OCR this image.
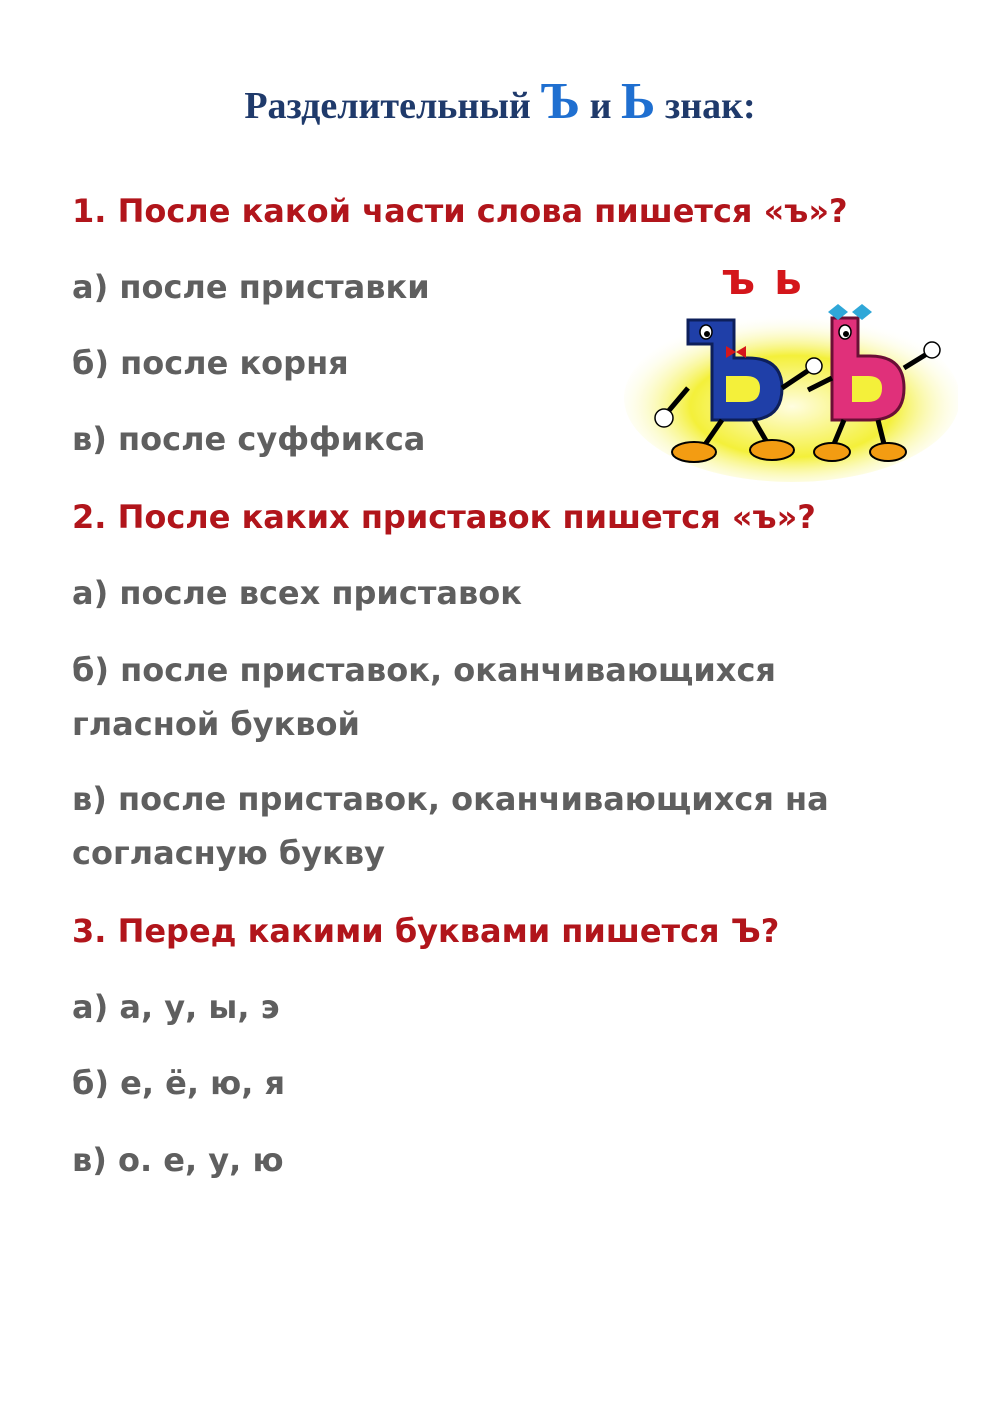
Разделительный Ъ и Ь знак:

1. После какой части слова пишется «ъ»?

а) после приставки

б) после корня

в) после суффикса

2. После каких приставок пишется «ъ»?

а) после всех приставок

б) после приставок, оканчивающихся гласной буквой

в) после приставок, оканчивающихся на согласную букву

3. Перед какими буквами пишется Ъ?

а) а, у, ы, э

б) е, ё, ю, я

в) о. е, у, ю

ъ ь
